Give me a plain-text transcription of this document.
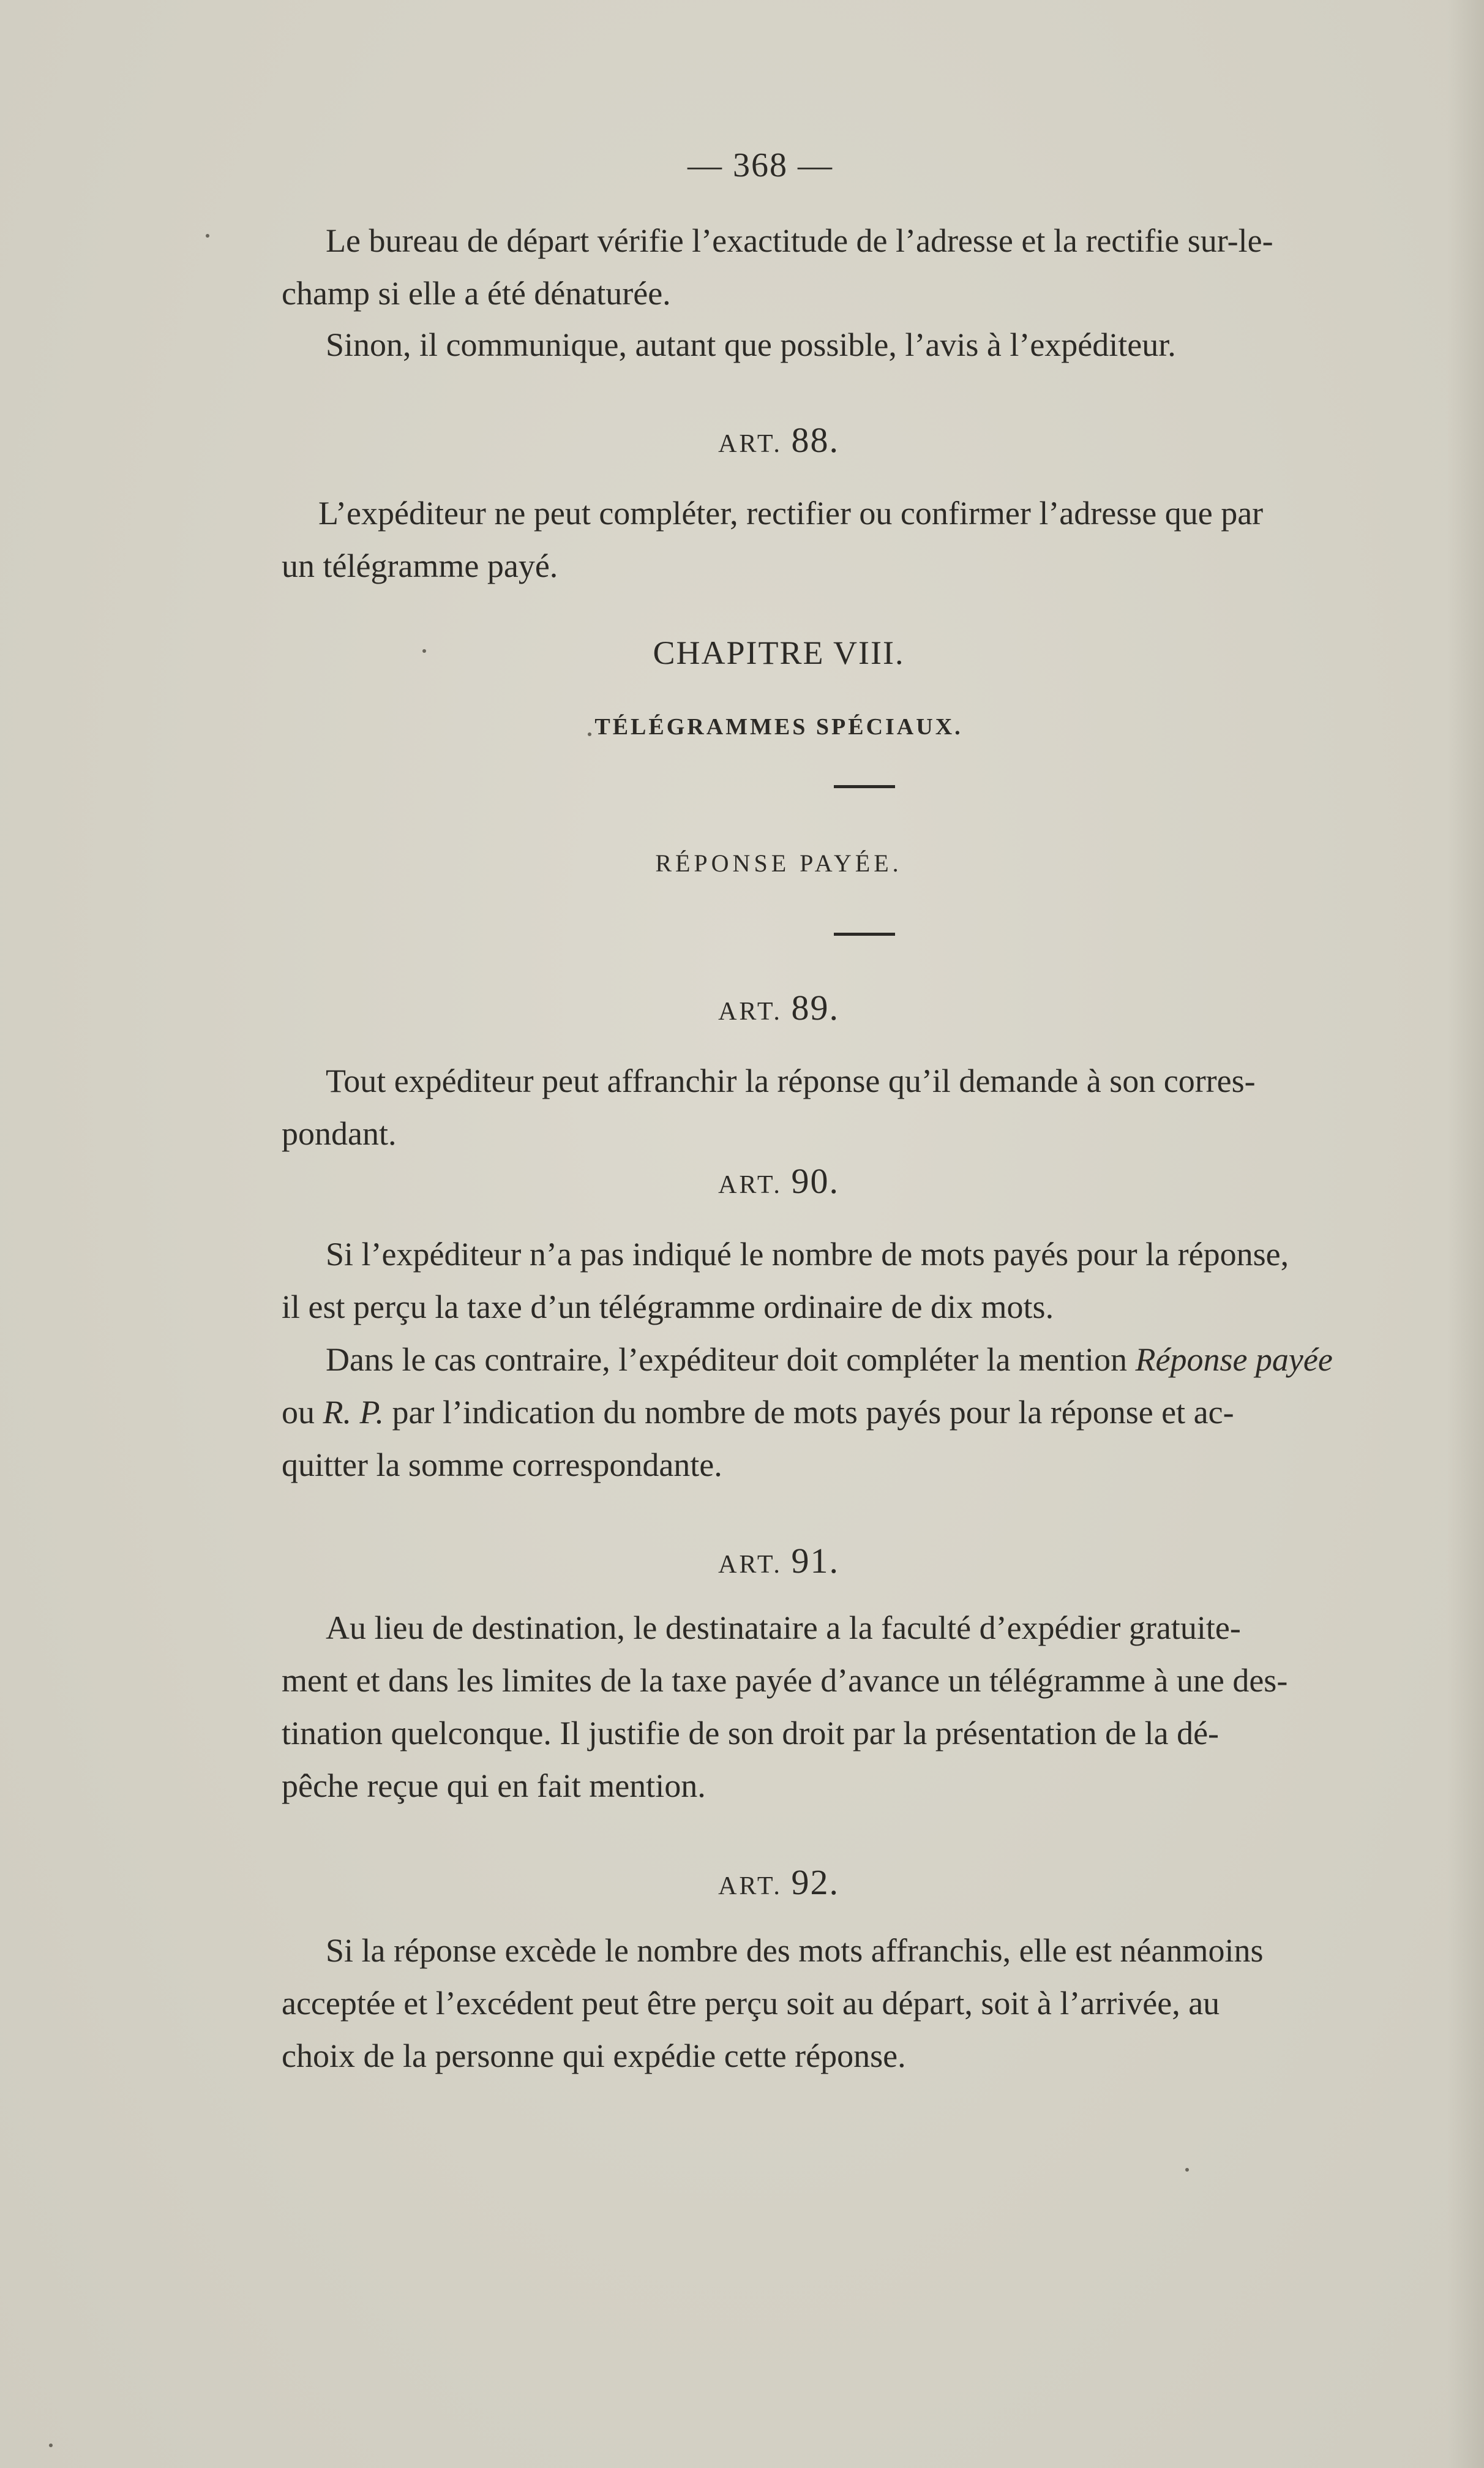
— 368 —
Le bureau de départ vérifie l’exactitude de l’adresse et la rectifie sur-le-
champ si elle a été dénaturée.
Sinon, il communique, autant que possible, l’avis à l’expéditeur.
ART. 88.
L’expéditeur ne peut compléter, rectifier ou confirmer l’adresse que par
un télégramme payé.
CHAPITRE VIII.
TÉLÉGRAMMES SPÉCIAUX.
RÉPONSE PAYÉE.
ART. 89.
Tout expéditeur peut affranchir la réponse qu’il demande à son corres-
pondant.
ART. 90.
Si l’expéditeur n’a pas indiqué le nombre de mots payés pour la réponse,
il est perçu la taxe d’un télégramme ordinaire de dix mots.
Dans le cas contraire, l’expéditeur doit compléter la mention Réponse payée
ou R. P. par l’indication du nombre de mots payés pour la réponse et ac-
quitter la somme correspondante.
ART. 91.
Au lieu de destination, le destinataire a la faculté d’expédier gratuite-
ment et dans les limites de la taxe payée d’avance un télégramme à une des-
tination quelconque. Il justifie de son droit par la présentation de la dé-
pêche reçue qui en fait mention.
ART. 92.
Si la réponse excède le nombre des mots affranchis, elle est néanmoins
acceptée et l’excédent peut être perçu soit au départ, soit à l’arrivée, au
choix de la personne qui expédie cette réponse.
